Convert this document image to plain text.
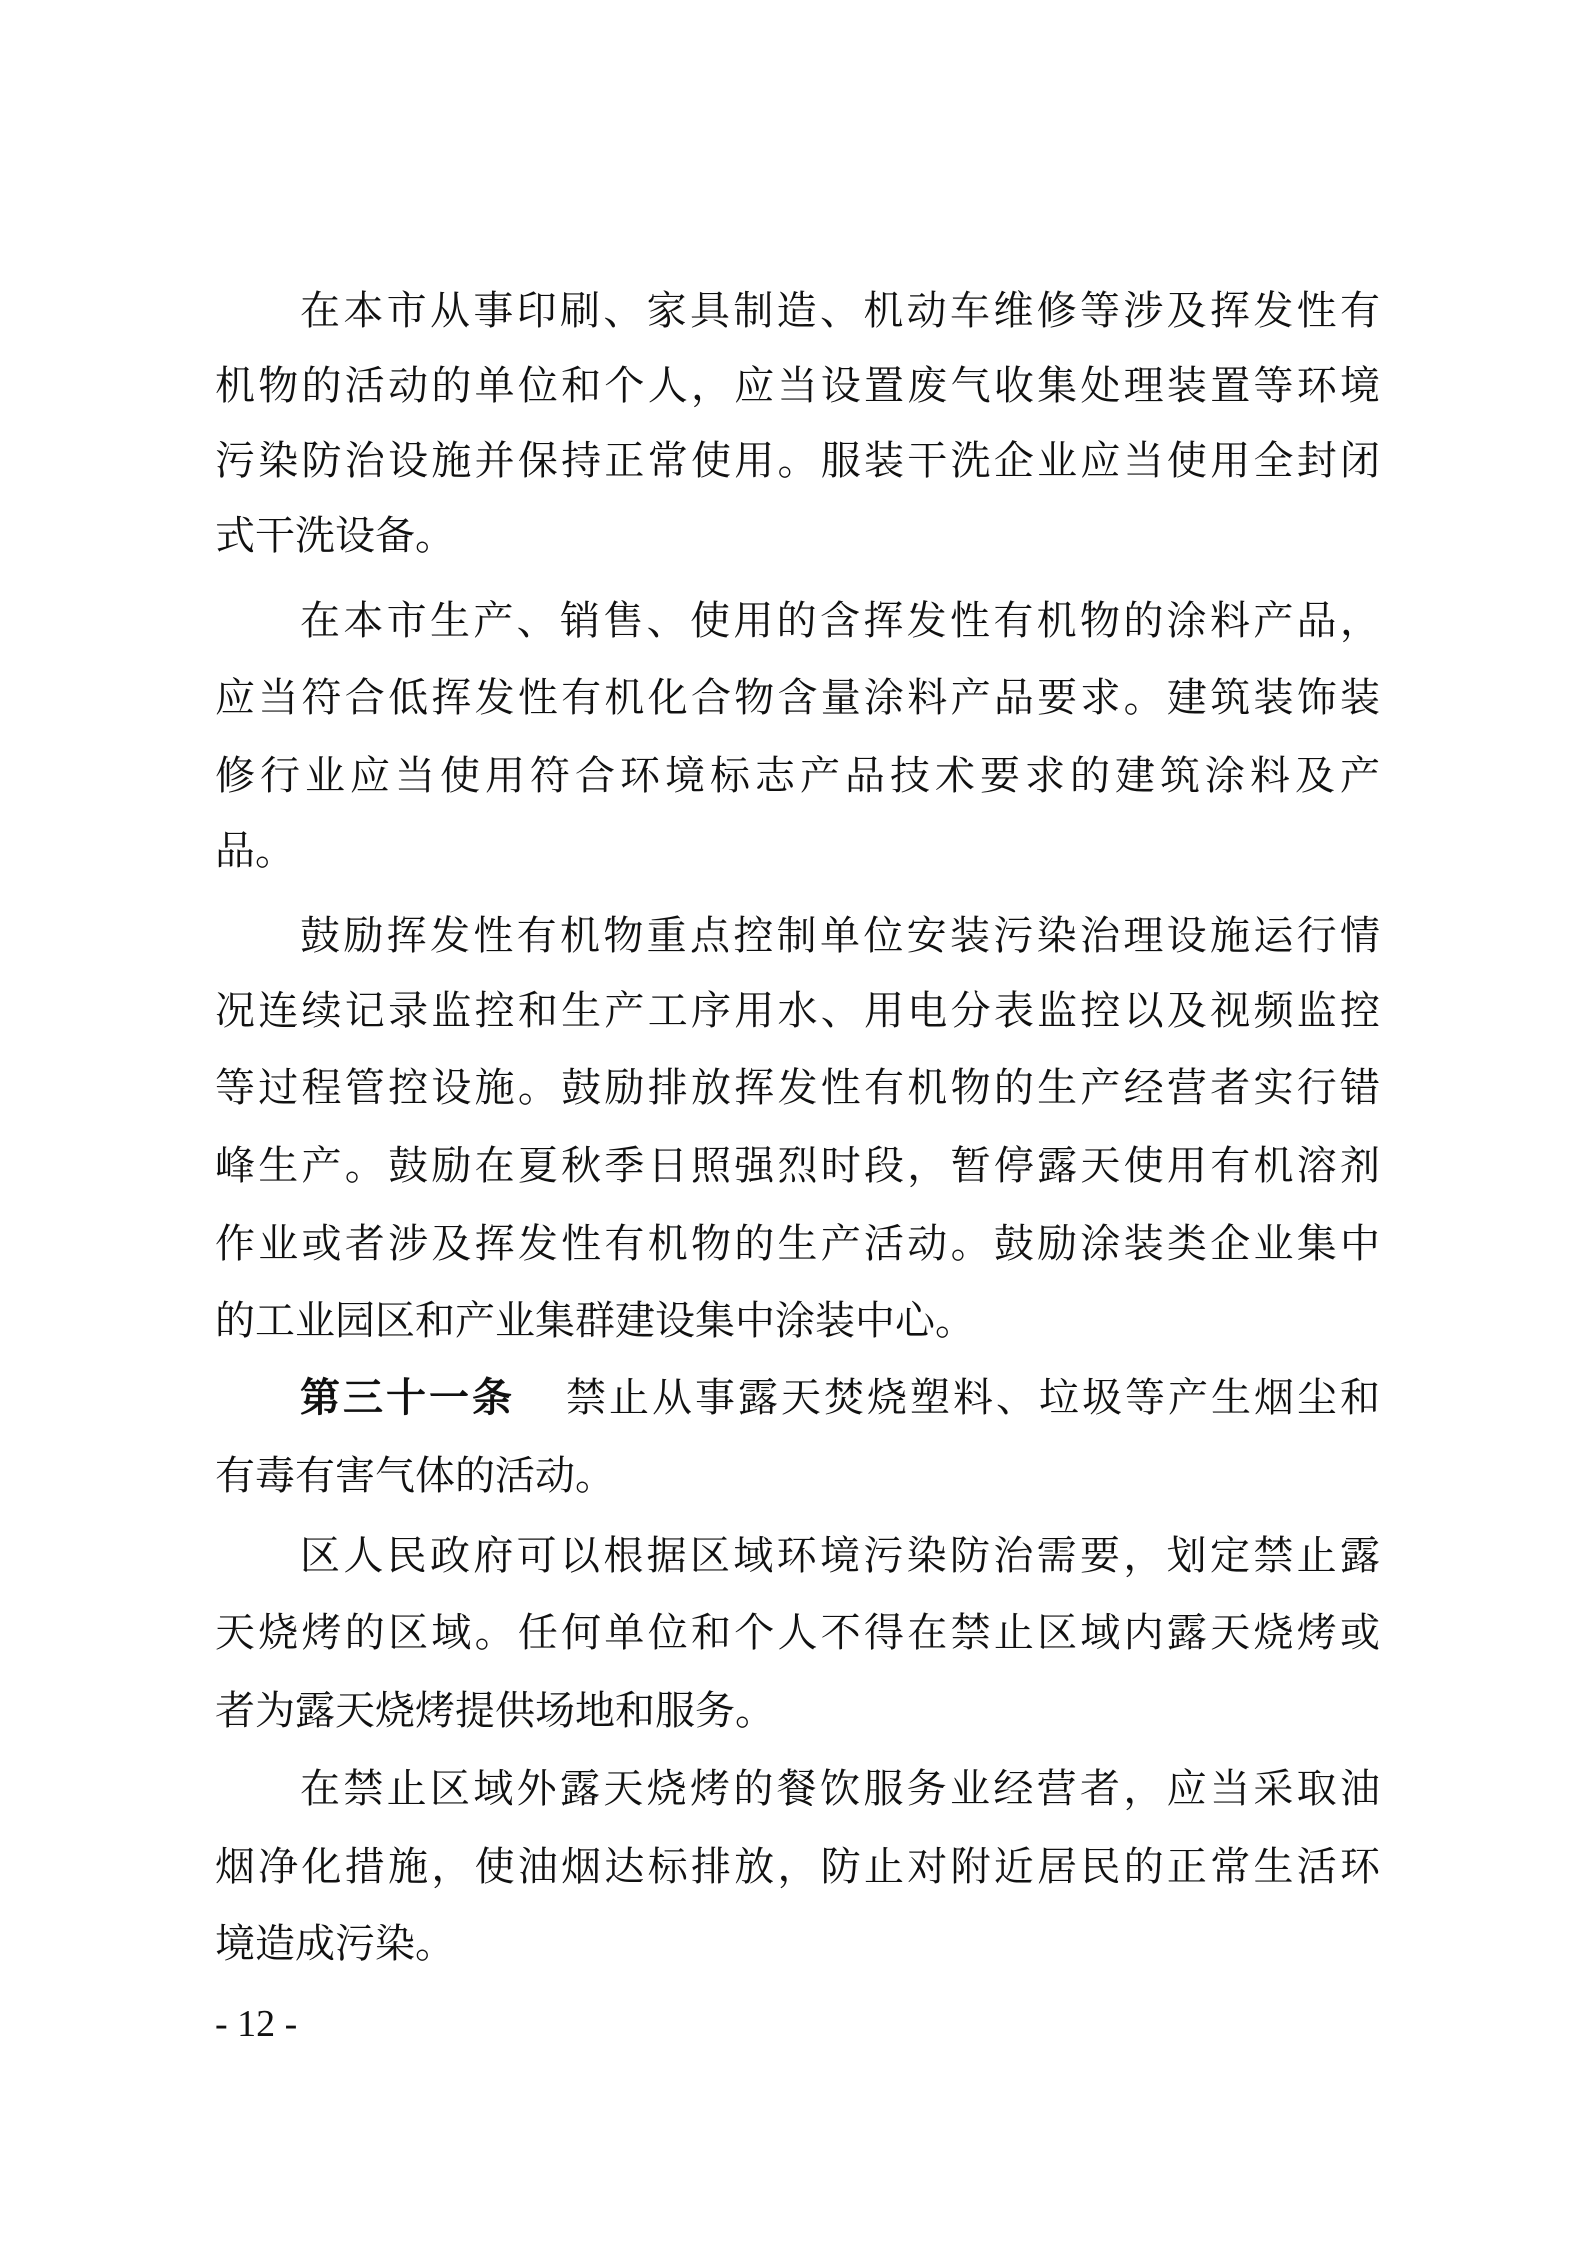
在本市从事印刷、家具制造、机动车维修等涉及挥发性有
机物的活动的单位和个人，应当设置废气收集处理装置等环境
污染防治设施并保持正常使用。服装干洗企业应当使用全封闭
式干洗设备。
在本市生产、销售、使用的含挥发性有机物的涂料产品，
应当符合低挥发性有机化合物含量涂料产品要求。建筑装饰装
修行业应当使用符合环境标志产品技术要求的建筑涂料及产
品。
鼓励挥发性有机物重点控制单位安装污染治理设施运行情
况连续记录监控和生产工序用水、用电分表监控以及视频监控
等过程管控设施。鼓励排放挥发性有机物的生产经营者实行错
峰生产。鼓励在夏秋季日照强烈时段，暂停露天使用有机溶剂
作业或者涉及挥发性有机物的生产活动。鼓励涂装类企业集中
的工业园区和产业集群建设集中涂装中心。
第三十一条 禁止从事露天焚烧塑料、垃圾等产生烟尘和
有毒有害气体的活动。
区人民政府可以根据区域环境污染防治需要，划定禁止露
天烧烤的区域。任何单位和个人不得在禁止区域内露天烧烤或
者为露天烧烤提供场地和服务。
在禁止区域外露天烧烤的餐饮服务业经营者，应当采取油
烟净化措施，使油烟达标排放，防止对附近居民的正常生活环
境造成污染。
- 12 -
